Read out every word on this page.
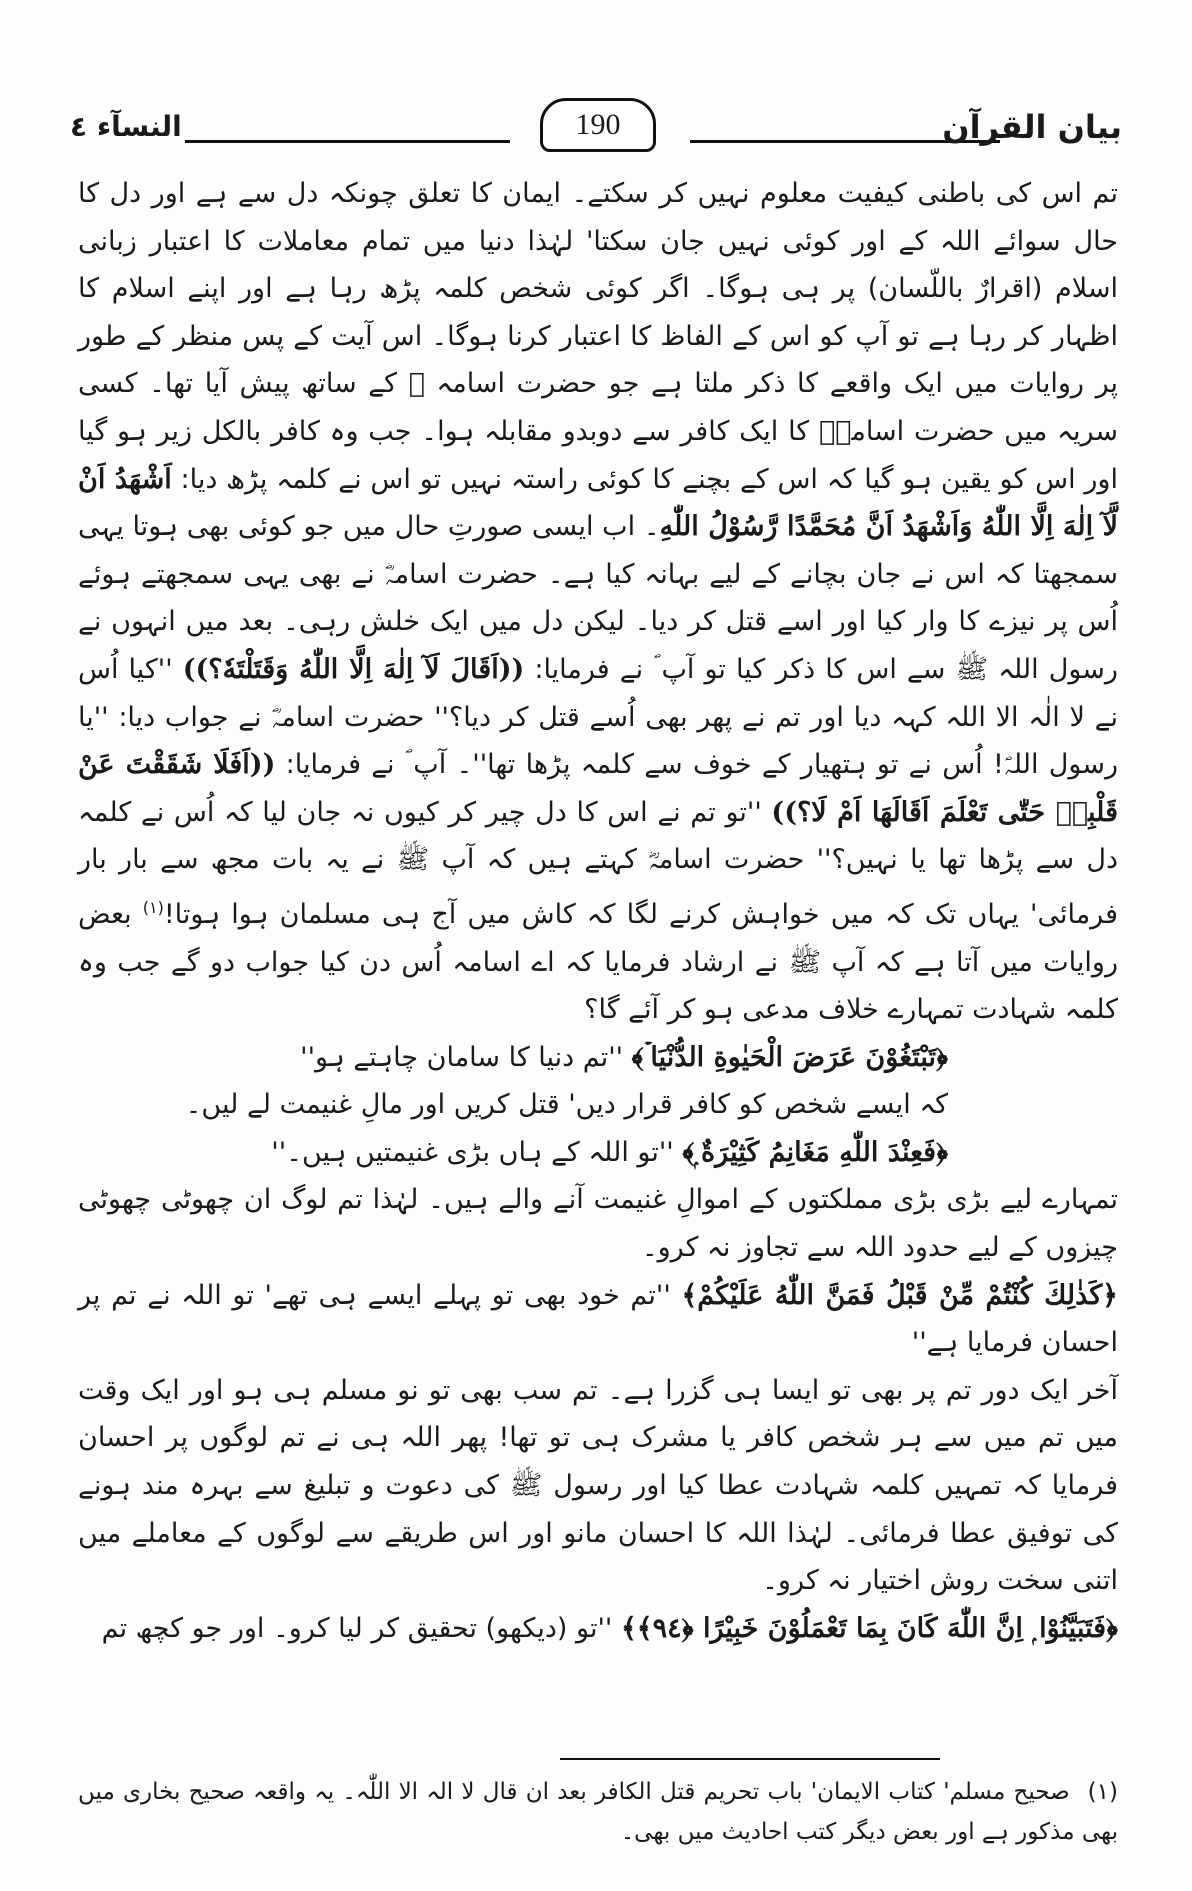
النسآء ٤	190	بیان القرآن

تم اس کی باطنی کیفیت معلوم نہیں کر سکتے۔ ایمان کا تعلق چونکہ دل سے ہے اور دل کا حال سوائے اللہ کے اور کوئی نہیں جان سکتا' لہٰذا دنیا میں تمام معاملات کا اعتبار زبانی اسلام (اقرارٌ باللّسان) پر ہی ہوگا۔ اگر کوئی شخص کلمہ پڑھ رہا ہے اور اپنے اسلام کا اظہار کر رہا ہے تو آپ کو اس کے الفاظ کا اعتبار کرنا ہوگا۔ اس آیت کے پس منظر کے طور پر روایات میں ایک واقعے کا ذکر ملتا ہے جو حضرت اسامہ ؓ کے ساتھ پیش آیا تھا۔ کسی سریہ میں حضرت اسامہؓ کا ایک کافر سے دوبدو مقابلہ ہوا۔ جب وہ کافر بالکل زیر ہو گیا اور اس کو یقین ہو گیا کہ اس کے بچنے کا کوئی راستہ نہیں تو اس نے کلمہ پڑھ دیا: اَشْهَدُ اَنْ لَّآ اِلٰهَ اِلَّا اللّٰهُ وَاَشْهَدُ اَنَّ مُحَمَّدًا رَّسُوْلُ اللّٰهِ۔ اب ایسی صورتِ حال میں جو کوئی بھی ہوتا یہی سمجھتا کہ اس نے جان بچانے کے لیے بہانہ کیا ہے۔ حضرت اسامہؓ نے بھی یہی سمجھتے ہوئے اُس پر نیزے کا وار کیا اور اسے قتل کر دیا۔ لیکن دل میں ایک خلش رہی۔ بعد میں انہوں نے رسول اللہ ﷺ سے اس کا ذکر کیا تو آپ ؐ نے فرمایا: ((اَقَالَ لَآ اِلٰهَ اِلَّا اللّٰهُ وَقَتَلْتَهٗ؟)) ''کیا اُس نے لا الٰہ الا اللہ کہہ دیا اور تم نے پھر بھی اُسے قتل کر دیا؟'' حضرت اسامہؓ نے جواب دیا: ''یا رسول اللہؐ! اُس نے تو ہتھیار کے خوف سے کلمہ پڑھا تھا''۔ آپ ؐ نے فرمایا: ((اَفَلَا شَقَقْتَ عَنْ قَلْبِهٖ حَتّٰى تَعْلَمَ اَقَالَهَا اَمْ لَا؟)) ''تو تم نے اس کا دل چیر کر کیوں نہ جان لیا کہ اُس نے کلمہ دل سے پڑھا تھا یا نہیں؟'' حضرت اسامہؓ کہتے ہیں کہ آپ ﷺ نے یہ بات مجھ سے بار بار فرمائی' یہاں تک کہ میں خواہش کرنے لگا کہ کاش میں آج ہی مسلمان ہوا ہوتا!$^{(١)}$ بعض روایات میں آتا ہے کہ آپ ﷺ نے ارشاد فرمایا کہ اے اسامہ اُس دن کیا جواب دو گے جب وہ کلمہ شہادت تمہارے خلاف مدعی ہو کر آئے گا؟

﴿تَبْتَغُوْنَ عَرَضَ الْحَيٰوةِ الدُّنْيَا ۡ﴾ ''تم دنیا کا سامان چاہتے ہو''

کہ ایسے شخص کو کافر قرار دیں' قتل کریں اور مالِ غنیمت لے لیں۔

﴿فَعِنْدَ اللّٰهِ مَغَانِمُ كَثِيْرَةٌ ۭ﴾ ''تو اللہ کے ہاں بڑی غنیمتیں ہیں۔''

تمہارے لیے بڑی بڑی مملکتوں کے اموالِ غنیمت آنے والے ہیں۔ لہٰذا تم لوگ ان چھوٹی چھوٹی چیزوں کے لیے حدود اللہ سے تجاوز نہ کرو۔

﴿كَذٰلِكَ كُنْتُمْ مِّنْ قَبْلُ فَمَنَّ اللّٰهُ عَلَيْكُمْ﴾ ''تم خود بھی تو پہلے ایسے ہی تھے' تو اللہ نے تم پر احسان فرمایا ہے''

آخر ایک دور تم پر بھی تو ایسا ہی گزرا ہے۔ تم سب بھی تو نو مسلم ہی ہو اور ایک وقت میں تم میں سے ہر شخص کافر یا مشرک ہی تو تھا! پھر اللہ ہی نے تم لوگوں پر احسان فرمایا کہ تمہیں کلمہ شہادت عطا کیا اور رسول ﷺ کی دعوت و تبلیغ سے بہرہ مند ہونے کی توفیق عطا فرمائی۔ لہٰذا اللہ کا احسان مانو اور اس طریقے سے لوگوں کے معاملے میں اتنی سخت روش اختیار نہ کرو۔

﴿فَتَبَيَّنُوْا ۭ اِنَّ اللّٰهَ كَانَ بِمَا تَعْمَلُوْنَ خَبِيْرًا ﴿٩٤﴾﴾ ''تو (دیکھو) تحقیق کر لیا کرو۔ اور جو کچھ تم

(١)صحیح مسلم' کتاب الایمان' باب تحریم قتل الکافر بعد ان قال لا الہ الا اللّٰہ۔ یہ واقعہ صحیح بخاری میں بھی مذکور ہے اور بعض دیگر کتب احادیث میں بھی۔
